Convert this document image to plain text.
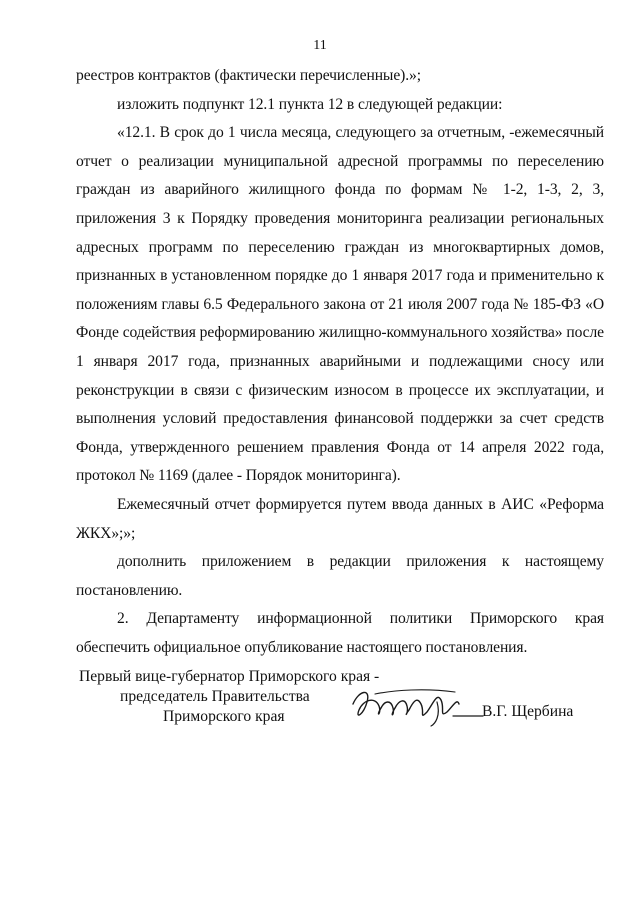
11

реестров контрактов (фактически перечисленные).»;

изложить подпункт 12.1 пункта 12 в следующей редакции:

«12.1. В срок до 1 числа месяца, следующего за отчетным, -ежемесячный отчет о реализации муниципальной адресной программы по переселению граждан из аварийного жилищного фонда по формам № 1-2, 1-3, 2, 3, приложения 3 к Порядку проведения мониторинга реализации региональных адресных программ по переселению граждан из многоквартирных домов, признанных в установленном порядке до 1 января 2017 года и применительно к положениям главы 6.5 Федерального закона от 21 июля 2007 года № 185-ФЗ «О Фонде содействия реформированию жилищно-коммунального хозяйства» после 1 января 2017 года, признанных аварийными и подлежащими сносу или реконструкции в связи с физическим износом в процессе их эксплуатации, и выполнения условий предоставления финансовой поддержки за счет средств Фонда, утвержденного решением правления Фонда от 14 апреля 2022 года, протокол № 1169 (далее - Порядок мониторинга).

Ежемесячный отчет формируется путем ввода данных в АИС «Реформа ЖКХ»;»;

дополнить приложением в редакции приложения к настоящему постановлению.

2. Департаменту информационной политики Приморского края обеспечить официальное опубликование настоящего постановления.

Первый вице-губернатор Приморского края -
председатель Правительства
Приморского края	В.Г. Щербина
